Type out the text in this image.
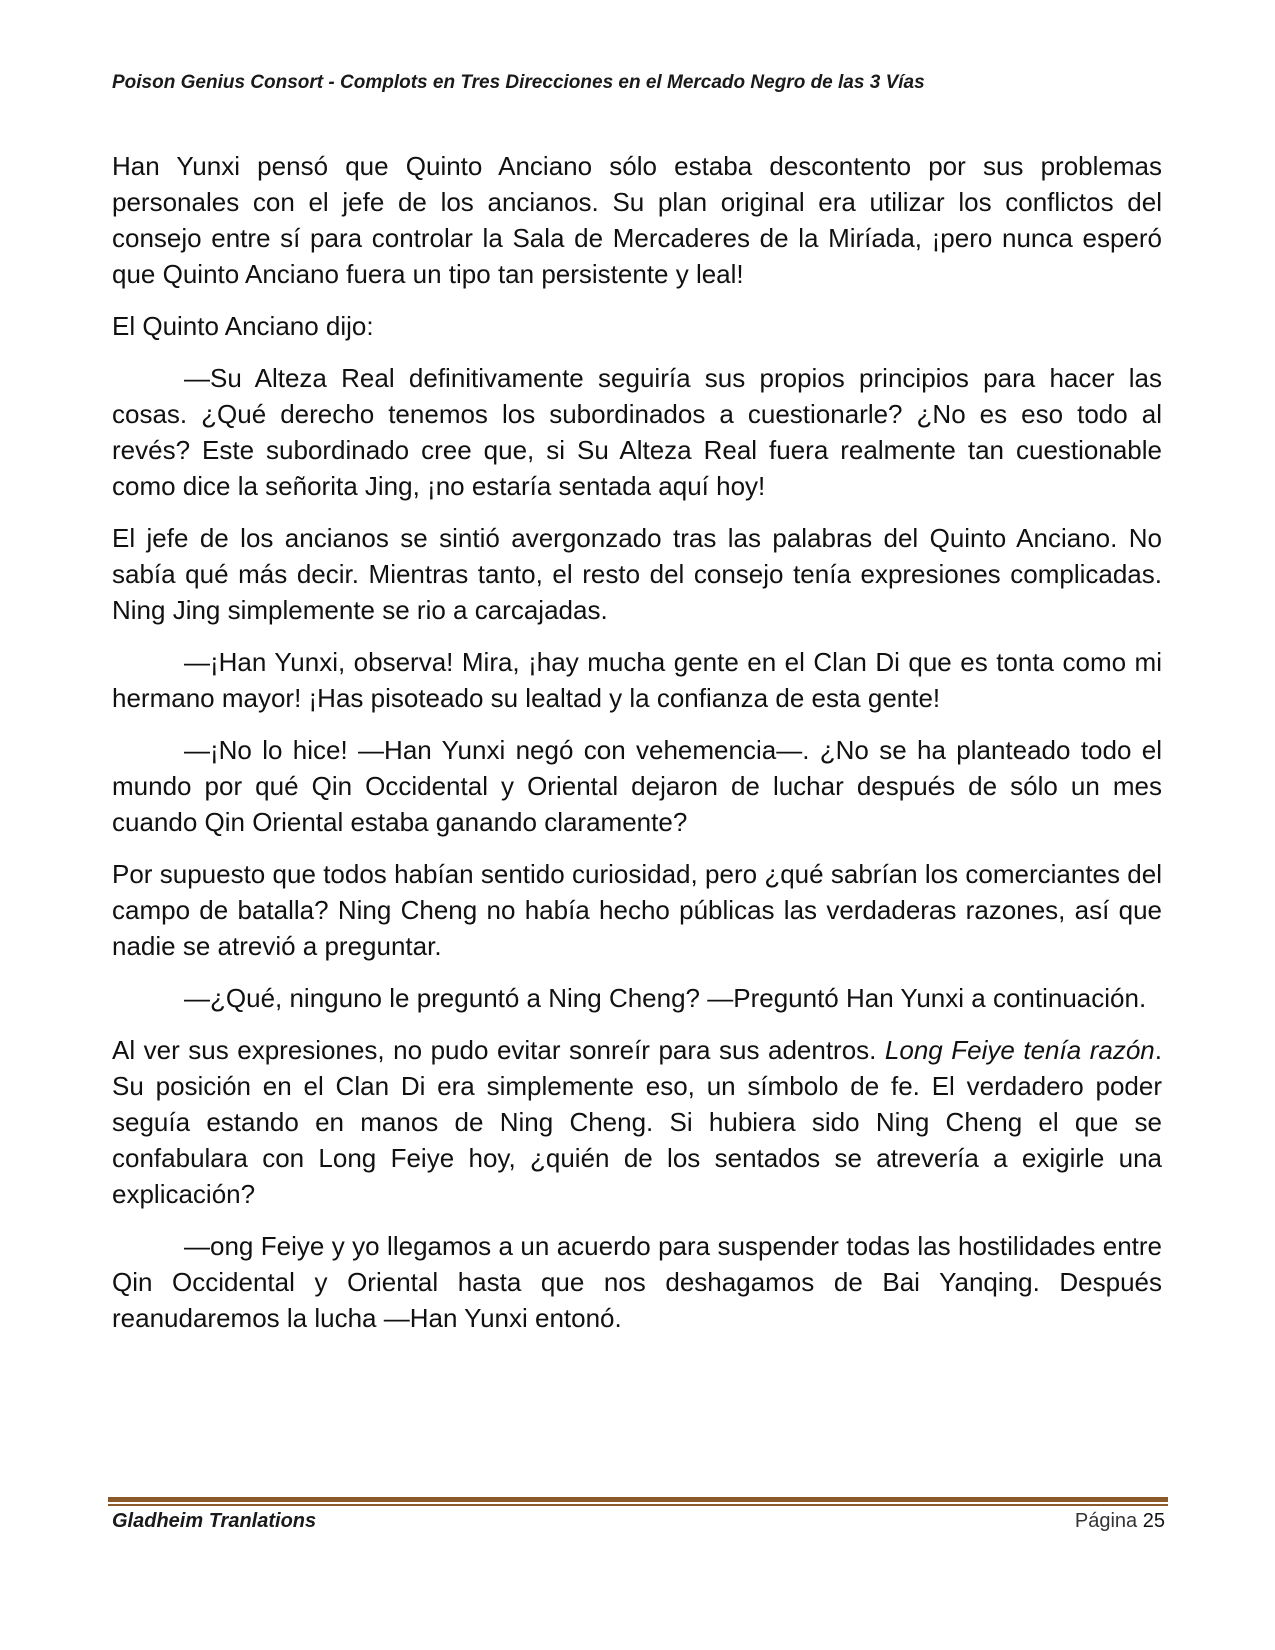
Poison Genius Consort - Complots en Tres Direcciones en el Mercado Negro de las 3 Vías

Han Yunxi pensó que Quinto Anciano sólo estaba descontento por sus problemas personales con el jefe de los ancianos. Su plan original era utilizar los conflictos del consejo entre sí para controlar la Sala de Mercaderes de la Miríada, ¡pero nunca esperó que Quinto Anciano fuera un tipo tan persistente y leal!

El Quinto Anciano dijo:

—Su Alteza Real definitivamente seguiría sus propios principios para hacer las cosas. ¿Qué derecho tenemos los subordinados a cuestionarle? ¿No es eso todo al revés? Este subordinado cree que, si Su Alteza Real fuera realmente tan cuestionable como dice la señorita Jing, ¡no estaría sentada aquí hoy!

El jefe de los ancianos se sintió avergonzado tras las palabras del Quinto Anciano. No sabía qué más decir. Mientras tanto, el resto del consejo tenía expresiones complicadas. Ning Jing simplemente se rio a carcajadas.

—¡Han Yunxi, observa! Mira, ¡hay mucha gente en el Clan Di que es tonta como mi hermano mayor! ¡Has pisoteado su lealtad y la confianza de esta gente!

—¡No lo hice! —Han Yunxi negó con vehemencia—. ¿No se ha planteado todo el mundo por qué Qin Occidental y Oriental dejaron de luchar después de sólo un mes cuando Qin Oriental estaba ganando claramente?

Por supuesto que todos habían sentido curiosidad, pero ¿qué sabrían los comerciantes del campo de batalla? Ning Cheng no había hecho públicas las verdaderas razones, así que nadie se atrevió a preguntar.

—¿Qué, ninguno le preguntó a Ning Cheng? —Preguntó Han Yunxi a continuación.

Al ver sus expresiones, no pudo evitar sonreír para sus adentros. Long Feiye tenía razón. Su posición en el Clan Di era simplemente eso, un símbolo de fe. El verdadero poder seguía estando en manos de Ning Cheng. Si hubiera sido Ning Cheng el que se confabulara con Long Feiye hoy, ¿quién de los sentados se atrevería a exigirle una explicación?

—ong Feiye y yo llegamos a un acuerdo para suspender todas las hostilidades entre Qin Occidental y Oriental hasta que nos deshagamos de Bai Yanqing. Después reanudaremos la lucha —Han Yunxi entonó.

Gladheim Tranlations	Página 25
